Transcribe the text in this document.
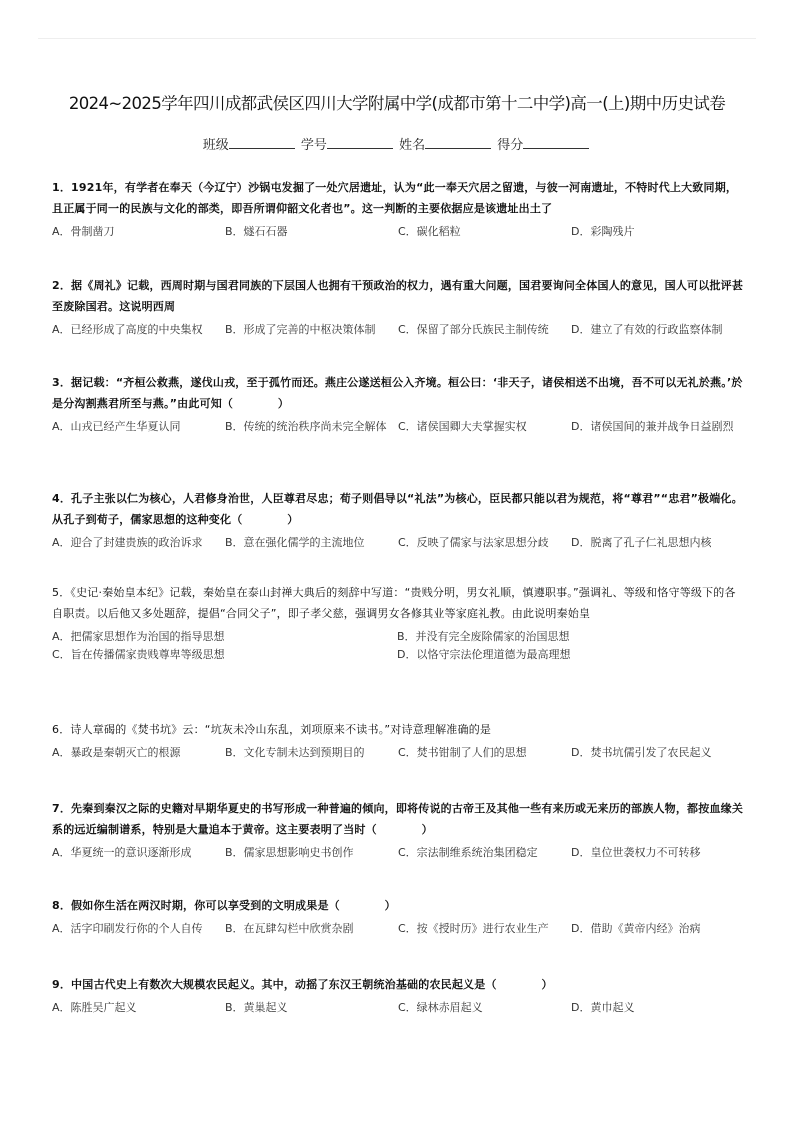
2024~2025学年四川成都武侯区四川大学附属中学(成都市第十二中学)高一(上)期中历史试卷
班级	学号	姓名	得分

1．1921年，有学者在奉天（今辽宁）沙锅屯发掘了一处穴居遗址，认为“此一奉天穴居之留遗，与彼一河南遗址，不特时代上大致同期，且正属于同一的民族与文化的部类，即吾所谓仰韶文化者也”。这一判断的主要依据应是该遗址出土了

A．骨制凿刀	B．燧石石器	C．碳化稻粒	D．彩陶残片

2．据《周礼》记载，西周时期与国君同族的下层国人也拥有干预政治的权力，遇有重大问题，国君要询问全体国人的意见，国人可以批评甚至废除国君。这说明西周

A．已经形成了高度的中央集权	B．形成了完善的中枢决策体制	C．保留了部分氏族民主制传统	D．建立了有效的行政监察体制

3．据记载：“齐桓公救燕，遂伐山戎，至于孤竹而还。燕庄公遂送桓公入齐境。桓公曰：‘非天子，诸侯相送不出境，吾不可以无礼於燕。’於是分沟割燕君所至与燕。”由此可知（　　　　）

A．山戎已经产生华夏认同	B．传统的统治秩序尚未完全解体	C．诸侯国卿大夫掌握实权	D．诸侯国间的兼并战争日益剧烈

4．孔子主张以仁为核心，人君修身治世，人臣尊君尽忠；荀子则倡导以“礼法”为核心，臣民都只能以君为规范，将“尊君”“忠君”极端化。从孔子到荀子，儒家思想的这种变化（　　　　）

A．迎合了封建贵族的政治诉求	B．意在强化儒学的主流地位	C．反映了儒家与法家思想分歧	D．脱离了孔子仁礼思想内核

5．《史记·秦始皇本纪》记载，秦始皇在泰山封禅大典后的刻辞中写道：“贵贱分明，男女礼顺，慎遵职事。”强调礼、等级和恪守等级下的各自职责。以后他又多处题辞，提倡“合同父子”，即子孝父慈，强调男女各修其业等家庭礼教。由此说明秦始皇

A．把儒家思想作为治国的指导思想	B．并没有完全废除儒家的治国思想
C．旨在传播儒家贵贱尊卑等级思想	D．以恪守宗法伦理道德为最高理想

6．诗人章碣的《焚书坑》云：“坑灰未冷山东乱，刘项原来不读书。”对诗意理解准确的是

A．暴政是秦朝灭亡的根源	B．文化专制未达到预期目的	C．焚书钳制了人们的思想	D．焚书坑儒引发了农民起义

7．先秦到秦汉之际的史籍对早期华夏史的书写形成一种普遍的倾向，即将传说的古帝王及其他一些有来历或无来历的部族人物，都按血缘关系的远近编制谱系，特别是大量追本于黄帝。这主要表明了当时（　　　　）

A．华夏统一的意识逐渐形成	B．儒家思想影响史书创作	C．宗法制维系统治集团稳定	D．皇位世袭权力不可转移

8．假如你生活在两汉时期，你可以享受到的文明成果是（　　　　）

A．活字印刷发行你的个人自传	B．在瓦肆勾栏中欣赏杂剧	C．按《授时历》进行农业生产	D．借助《黄帝内经》治病

9．中国古代史上有数次大规模农民起义。其中，动摇了东汉王朝统治基础的农民起义是（　　　　）

A．陈胜吴广起义	B．黄巢起义	C．绿林赤眉起义	D．黄巾起义
